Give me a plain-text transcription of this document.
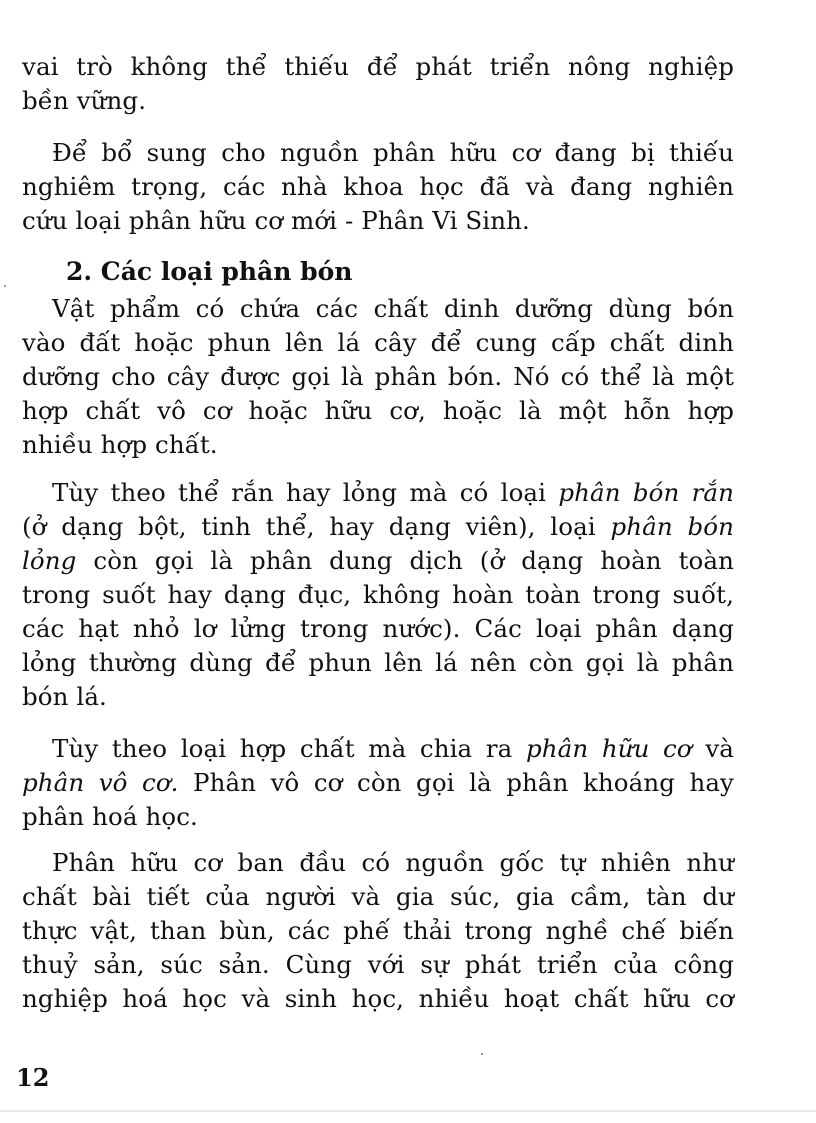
vai trò không thể thiếu để phát triển nông nghiệp
bền vững.

Để bổ sung cho nguồn phân hữu cơ đang bị thiếu
nghiêm trọng, các nhà khoa học đã và đang nghiên
cứu loại phân hữu cơ mới - Phân Vi Sinh.

2. Các loại phân bón

Vật phẩm có chứa các chất dinh dưỡng dùng bón
vào đất hoặc phun lên lá cây để cung cấp chất dinh
dưỡng cho cây được gọi là phân bón. Nó có thể là một
hợp chất vô cơ hoặc hữu cơ, hoặc là một hỗn hợp
nhiều hợp chất.

Tùy theo thể rắn hay lỏng mà có loại phân bón rắn
(ở dạng bột, tinh thể, hay dạng viên), loại phân bón
lỏng còn gọi là phân dung dịch (ở dạng hoàn toàn
trong suốt hay dạng đục, không hoàn toàn trong suốt,
các hạt nhỏ lơ lửng trong nước). Các loại phân dạng
lỏng thường dùng để phun lên lá nên còn gọi là phân
bón lá.

Tùy theo loại hợp chất mà chia ra phân hữu cơ và
phân vô cơ. Phân vô cơ còn gọi là phân khoáng hay
phân hoá học.

Phân hữu cơ ban đầu có nguồn gốc tự nhiên như
chất bài tiết của người và gia súc, gia cầm, tàn dư
thực vật, than bùn, các phế thải trong nghề chế biến
thuỷ sản, súc sản. Cùng với sự phát triển của công
nghiệp hoá học và sinh học, nhiều hoạt chất hữu cơ

12
